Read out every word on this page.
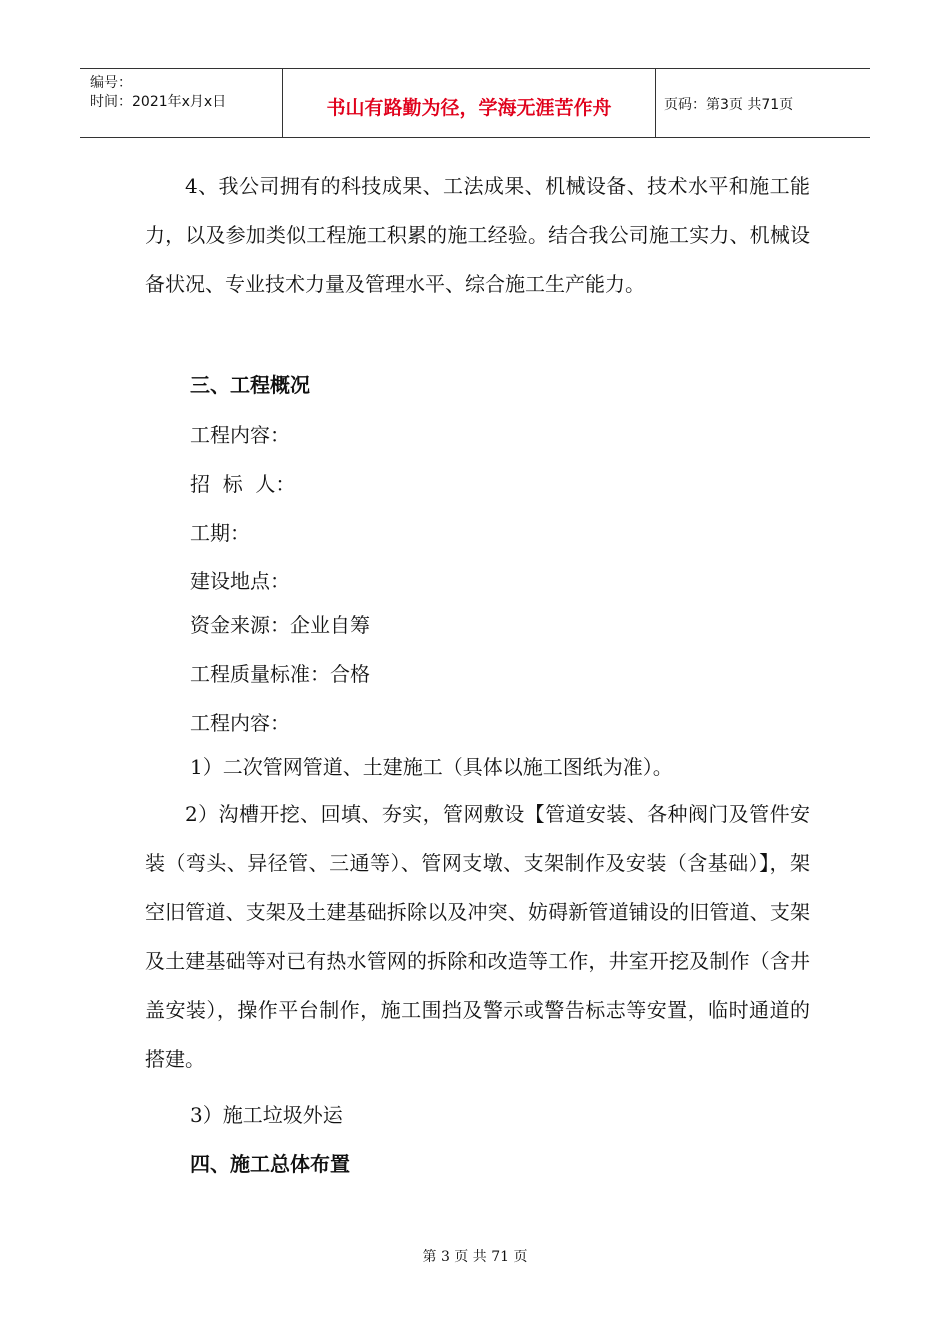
编号：
时间：2021年x月x日	书山有路勤为径，学海无涯苦作舟	页码：第3页 共71页

4、我公司拥有的科技成果、工法成果、机械设备、技术水平和施工能力，以及参加类似工程施工积累的施工经验。结合我公司施工实力、机械设备状况、专业技术力量及管理水平、综合施工生产能力。

三、工程概况
工程内容：
招  标  人：
工期：
建设地点：
资金来源：企业自筹
工程质量标准：合格
工程内容：
1）二次管网管道、土建施工（具体以施工图纸为准）。

2）沟槽开挖、回填、夯实，管网敷设【管道安装、各种阀门及管件安装（弯头、异径管、三通等）、管网支墩、支架制作及安装（含基础）】，架空旧管道、支架及土建基础拆除以及冲突、妨碍新管道铺设的旧管道、支架及土建基础等对已有热水管网的拆除和改造等工作，井室开挖及制作（含井盖安装），操作平台制作，施工围挡及警示或警告标志等安置，临时通道的搭建。

3）施工垃圾外运
四、施工总体布置
第 3 页 共 71 页
